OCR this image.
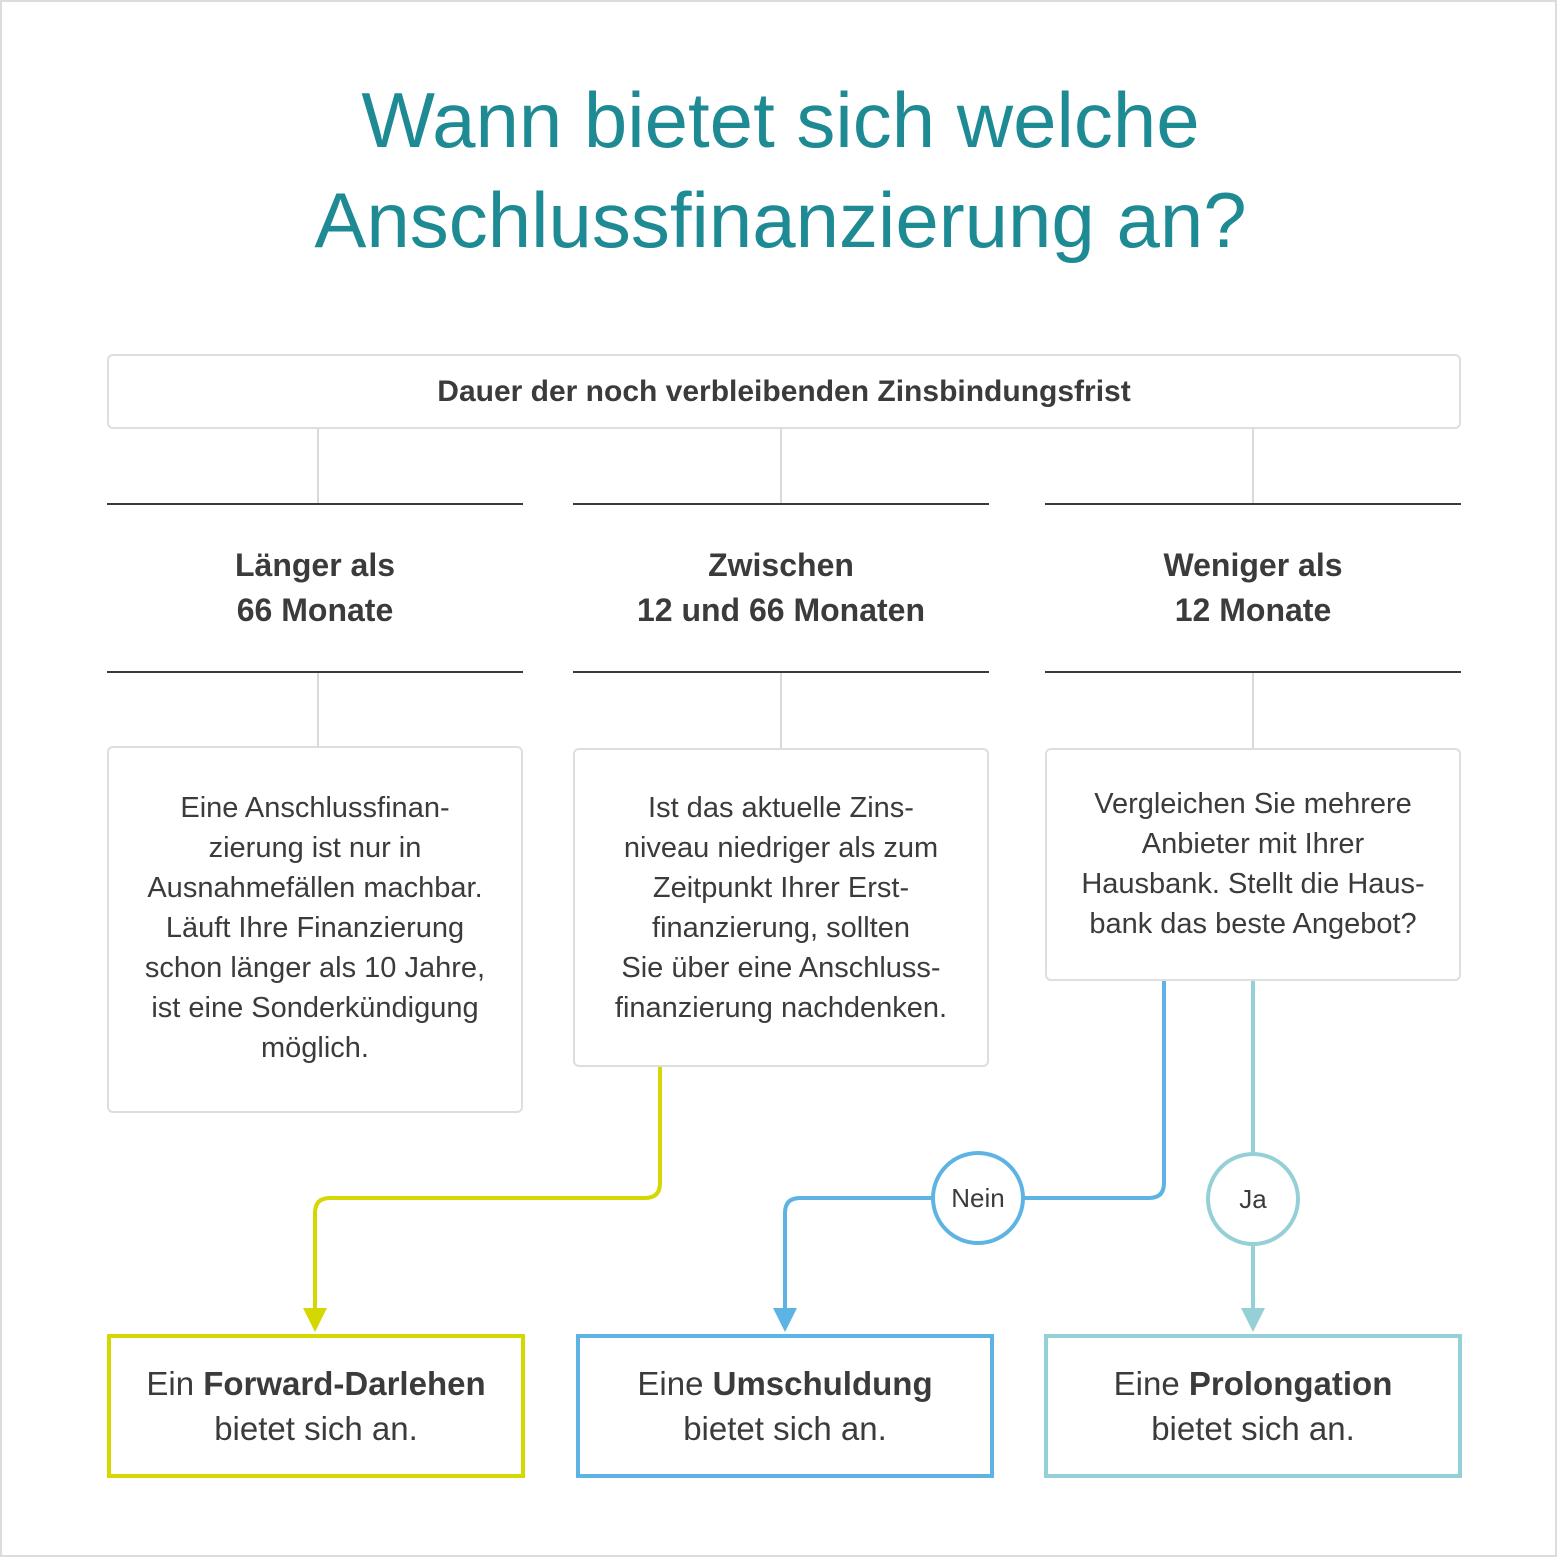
Wann bietet sich welche
Anschlussfinanzierung an?
Dauer der noch verbleibenden Zinsbindungsfrist
Länger als
66 Monate
Eine Anschlussfinan-
zierung ist nur in
Ausnahmefällen machbar.
Läuft Ihre Finanzierung
schon länger als 10 Jahre,
ist eine Sonderkündigung
möglich.
Zwischen
12 und 66 Monaten
Ist das aktuelle Zins-
niveau niedriger als zum
Zeitpunkt Ihrer Erst-
finanzierung, sollten
Sie über eine Anschluss-
finanzierung nachdenken.
Weniger als
12 Monate
Vergleichen Sie mehrere
Anbieter mit Ihrer
Hausbank. Stellt die Haus-
bank das beste Angebot?
Nein	Ja
Ein Forward-Darlehen
bietet sich an.
Eine Umschuldung
bietet sich an.
Eine Prolongation
bietet sich an.
